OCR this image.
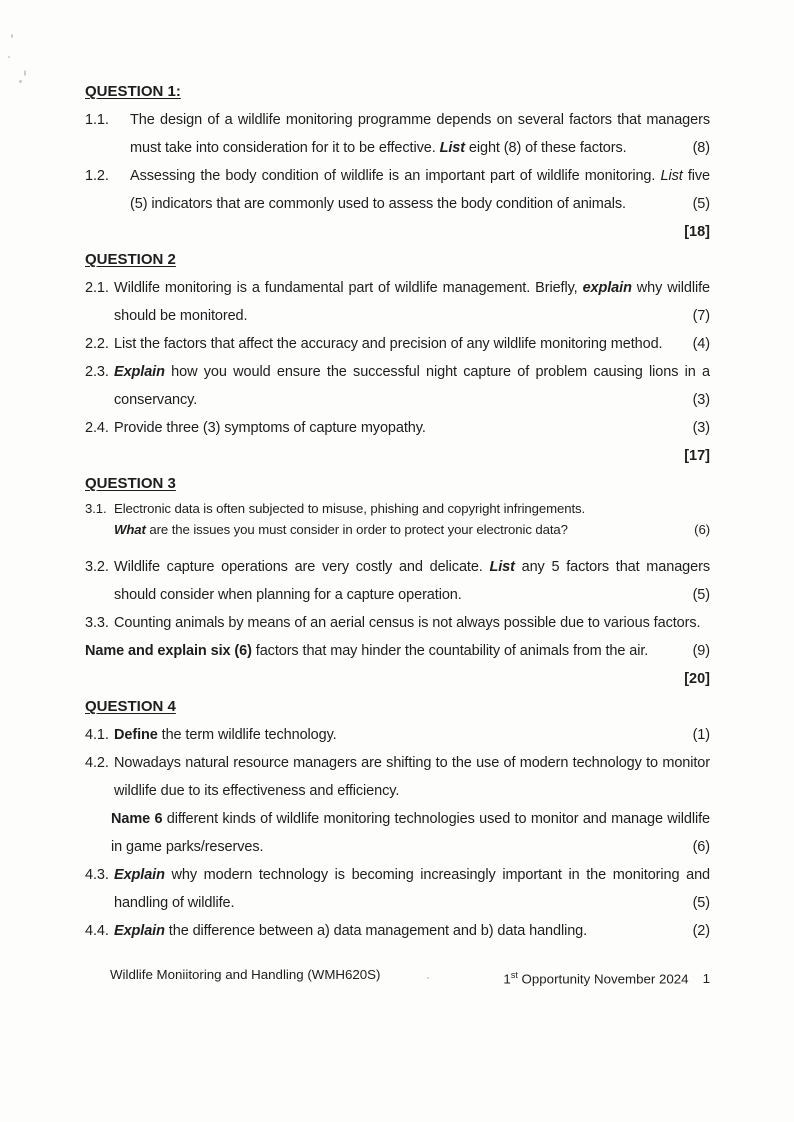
QUESTION 1:
1.1.	The design of a wildlife monitoring programme depends on several factors that managers must take into consideration for it to be effective. List eight (8) of these factors.	(8)
1.2.	Assessing the body condition of wildlife is an important part of wildlife monitoring. List five (5) indicators that are commonly used to assess the body condition of animals.	(5)
[18]
QUESTION 2
2.1. Wildlife monitoring is a fundamental part of wildlife management. Briefly, explain why wildlife should be monitored.	(7)
2.2. List the factors that affect the accuracy and precision of any wildlife monitoring method.	(4)
2.3. Explain how you would ensure the successful night capture of problem causing lions in a conservancy.	(3)
2.4. Provide three (3) symptoms of capture myopathy.	(3)
[17]
QUESTION 3
3.1. Electronic data is often subjected to misuse, phishing and copyright infringements.
What are the issues you must consider in order to protect your electronic data?	(6)
3.2. Wildlife capture operations are very costly and delicate. List any 5 factors that managers should consider when planning for a capture operation.	(5)
3.3. Counting animals by means of an aerial census is not always possible due to various factors.
Name and explain six (6) factors that may hinder the countability of animals from the air.	(9)
[20]
QUESTION 4
4.1. Define the term wildlife technology.	(1)
4.2. Nowadays natural resource managers are shifting to the use of modern technology to monitor wildlife due to its effectiveness and efficiency.
Name 6 different kinds of wildlife monitoring technologies used to monitor and manage wildlife in game parks/reserves.	(6)
4.3. Explain why modern technology is becoming increasingly important in the monitoring and handling of wildlife.	(5)
4.4. Explain the difference between a) data management and b) data handling.	(2)
Wildlife Moniitoring and Handling (WMH620S)	1st Opportunity November 2024 1
